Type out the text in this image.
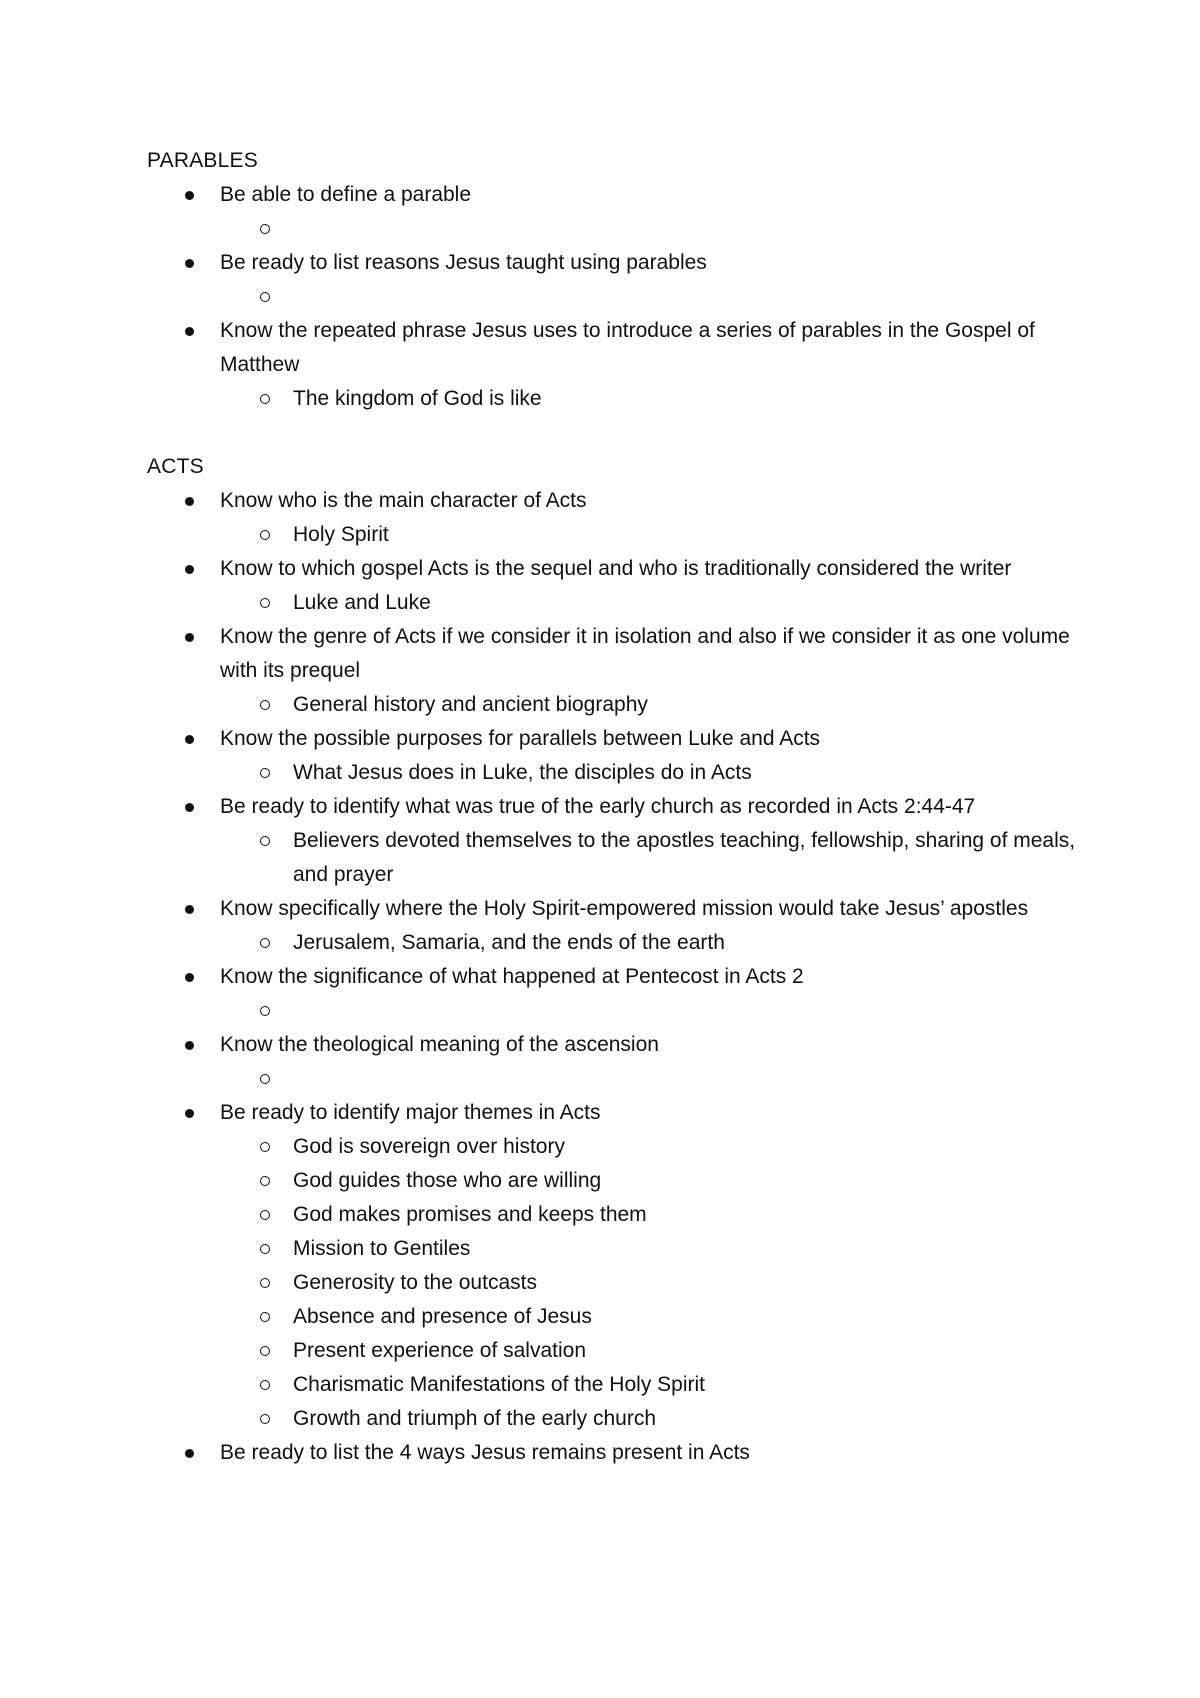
PARABLES
Be able to define a parable
Be ready to list reasons Jesus taught using parables
Know the repeated phrase Jesus uses to introduce a series of parables in the Gospel of Matthew
The kingdom of God is like
ACTS
Know who is the main character of Acts
Holy Spirit
Know to which gospel Acts is the sequel and who is traditionally considered the writer
Luke and Luke
Know the genre of Acts if we consider it in isolation and also if we consider it as one volume with its prequel
General history and ancient biography
Know the possible purposes for parallels between Luke and Acts
What Jesus does in Luke, the disciples do in Acts
Be ready to identify what was true of the early church as recorded in Acts 2:44-47
Believers devoted themselves to the apostles teaching, fellowship, sharing of meals, and prayer
Know specifically where the Holy Spirit-empowered mission would take Jesus’ apostles
Jerusalem, Samaria, and the ends of the earth
Know the significance of what happened at Pentecost in Acts 2
Know the theological meaning of the ascension
Be ready to identify major themes in Acts
God is sovereign over history
God guides those who are willing
God makes promises and keeps them
Mission to Gentiles
Generosity to the outcasts
Absence and presence of Jesus
Present experience of salvation
Charismatic Manifestations of the Holy Spirit
Growth and triumph of the early church
Be ready to list the 4 ways Jesus remains present in Acts
